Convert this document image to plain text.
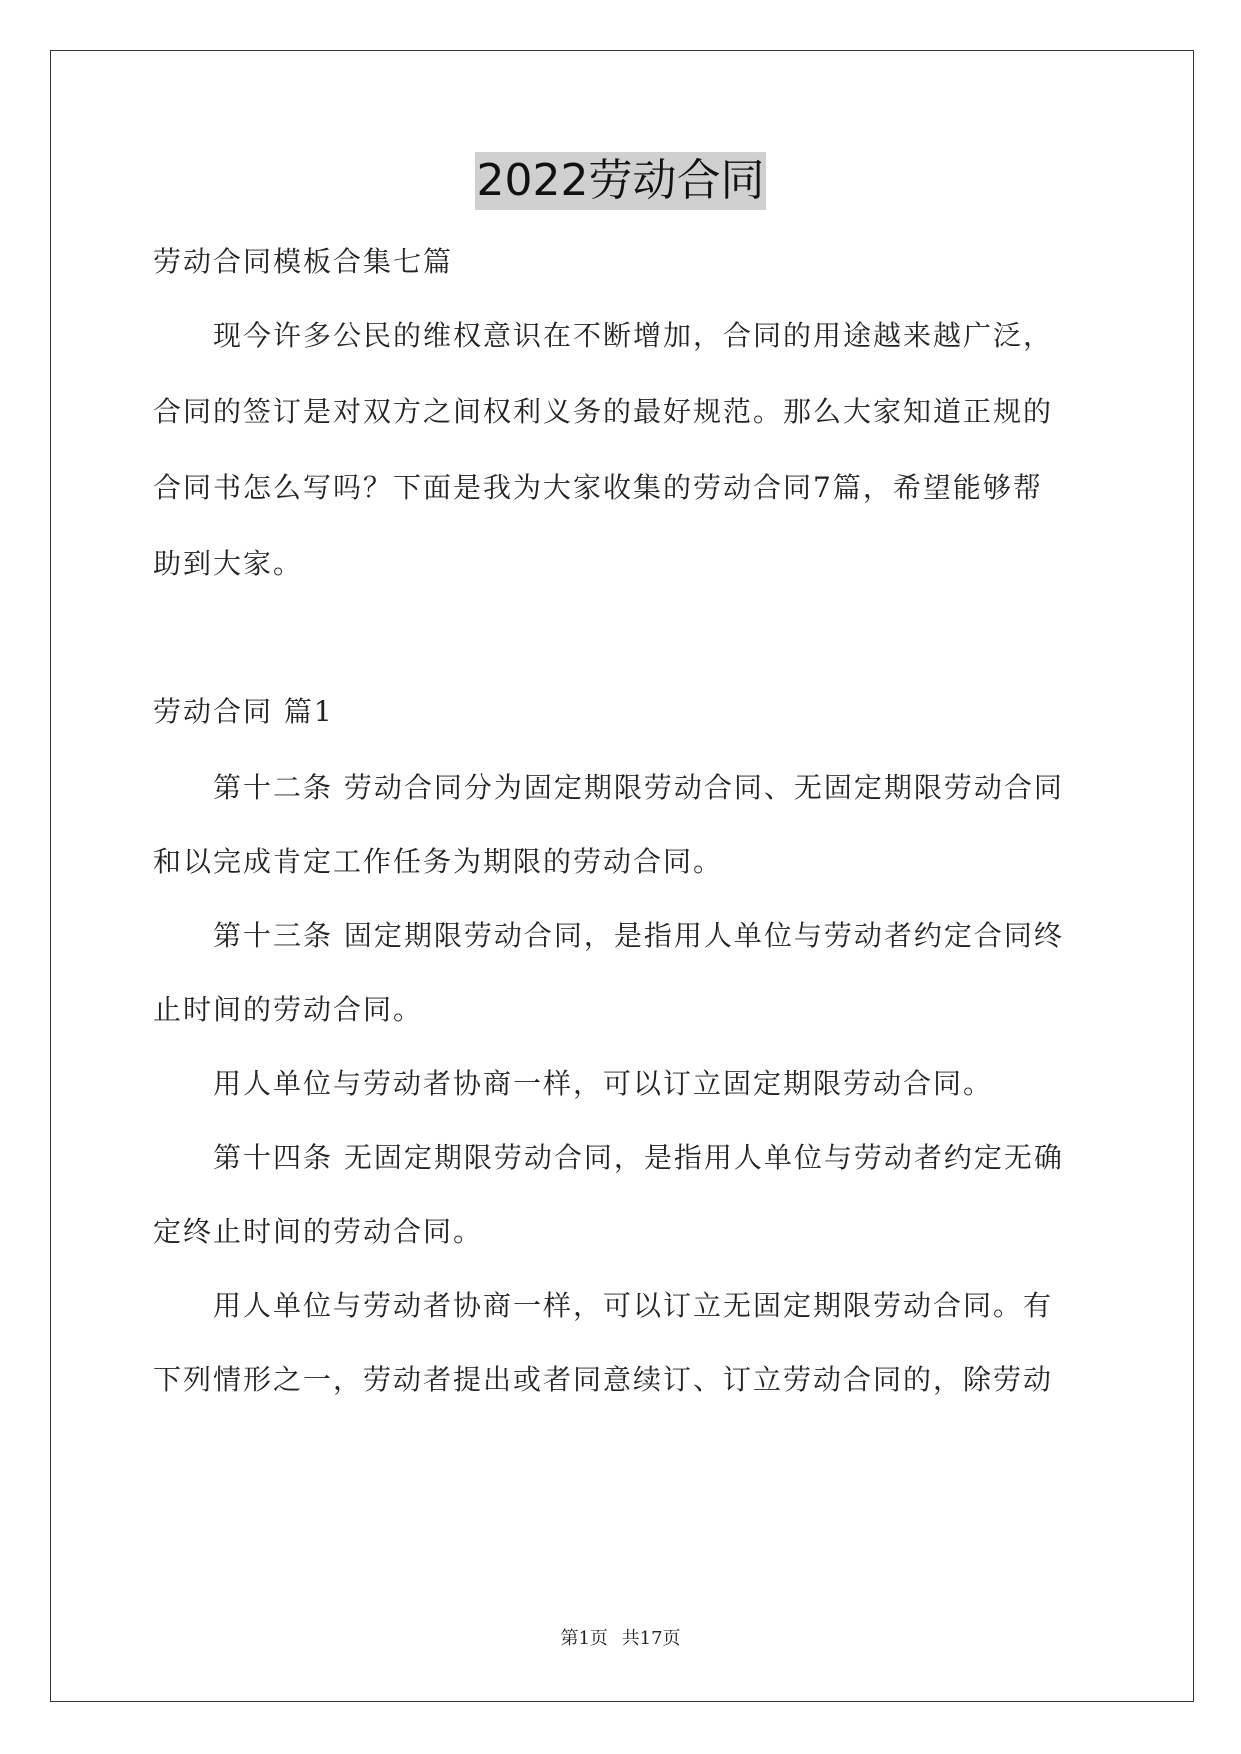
2022劳动合同
劳动合同模板合集七篇
现今许多公民的维权意识在不断增加，合同的用途越来越广泛，
合同的签订是对双方之间权利义务的最好规范。那么大家知道正规的
合同书怎么写吗？下面是我为大家收集的劳动合同7篇，希望能够帮
助到大家。
劳动合同 篇1
第十二条 劳动合同分为固定期限劳动合同、无固定期限劳动合同
和以完成肯定工作任务为期限的劳动合同。
第十三条 固定期限劳动合同，是指用人单位与劳动者约定合同终
止时间的劳动合同。
用人单位与劳动者协商一样，可以订立固定期限劳动合同。
第十四条 无固定期限劳动合同，是指用人单位与劳动者约定无确
定终止时间的劳动合同。
用人单位与劳动者协商一样，可以订立无固定期限劳动合同。有
下列情形之一，劳动者提出或者同意续订、订立劳动合同的，除劳动
第1页 共17页
